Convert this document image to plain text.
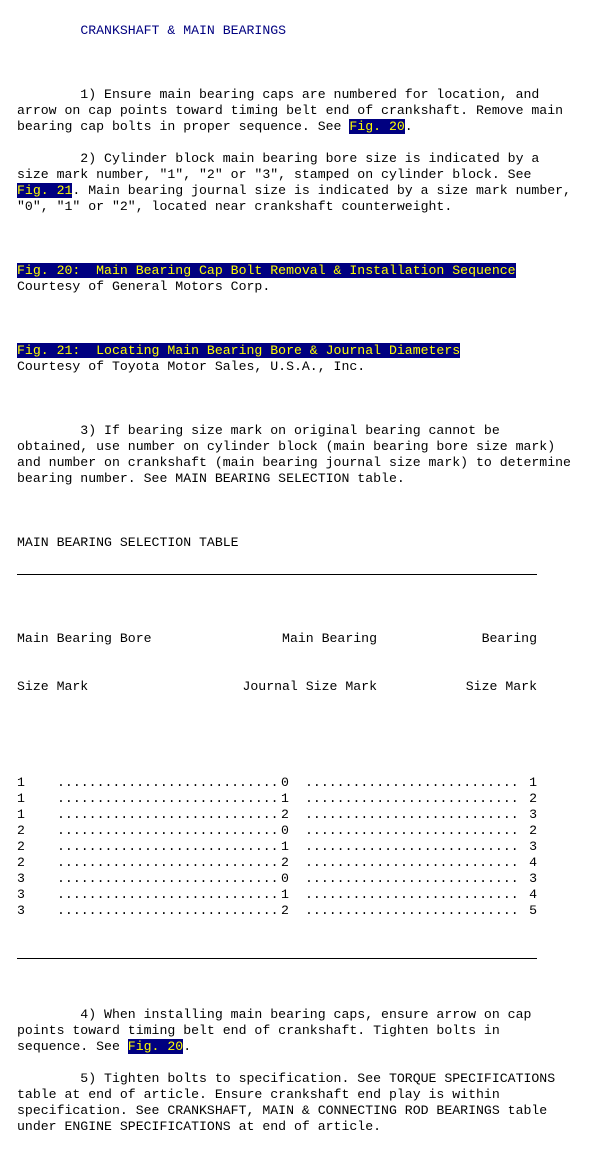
CRANKSHAFT & MAIN BEARINGS

1) Ensure main bearing caps are numbered for location, and
arrow on cap points toward timing belt end of crankshaft. Remove main
bearing cap bolts in proper sequence. See Fig. 20.

2) Cylinder block main bearing bore size is indicated by a
size mark number, "1", "2" or "3", stamped on cylinder block. See
Fig. 21. Main bearing journal size is indicated by a size mark number,
"0", "1" or "2", located near crankshaft counterweight.

Fig. 20:  Main Bearing Cap Bolt Removal & Installation Sequence
Courtesy of General Motors Corp.

Fig. 21:  Locating Main Bearing Bore & Journal Diameters
Courtesy of Toyota Motor Sales, U.S.A., Inc.

3) If bearing size mark on original bearing cannot be
obtained, use number on cylinder block (main bearing bore size mark)
and number on crankshaft (main bearing journal size mark) to determine
bearing number. See MAIN BEARING SELECTION table.

MAIN BEARING SELECTION TABLE

Main Bearing Bore	Main Bearing	Bearing

Size Mark	Journal Size Mark	Size Mark

1	............................ 0	........................... 1
1	............................ 1	........................... 2
1	............................ 2	........................... 3
2	............................ 0	........................... 2
2	............................ 1	........................... 3
2	............................ 2	........................... 4
3	............................ 0	........................... 3
3	............................ 1	........................... 4
3	............................ 2	........................... 5

4) When installing main bearing caps, ensure arrow on cap
points toward timing belt end of crankshaft. Tighten bolts in
sequence. See Fig. 20.

5) Tighten bolts to specification. See TORQUE SPECIFICATIONS
table at end of article. Ensure crankshaft end play is within
specification. See CRANKSHAFT, MAIN & CONNECTING ROD BEARINGS table
under ENGINE SPECIFICATIONS at end of article.
